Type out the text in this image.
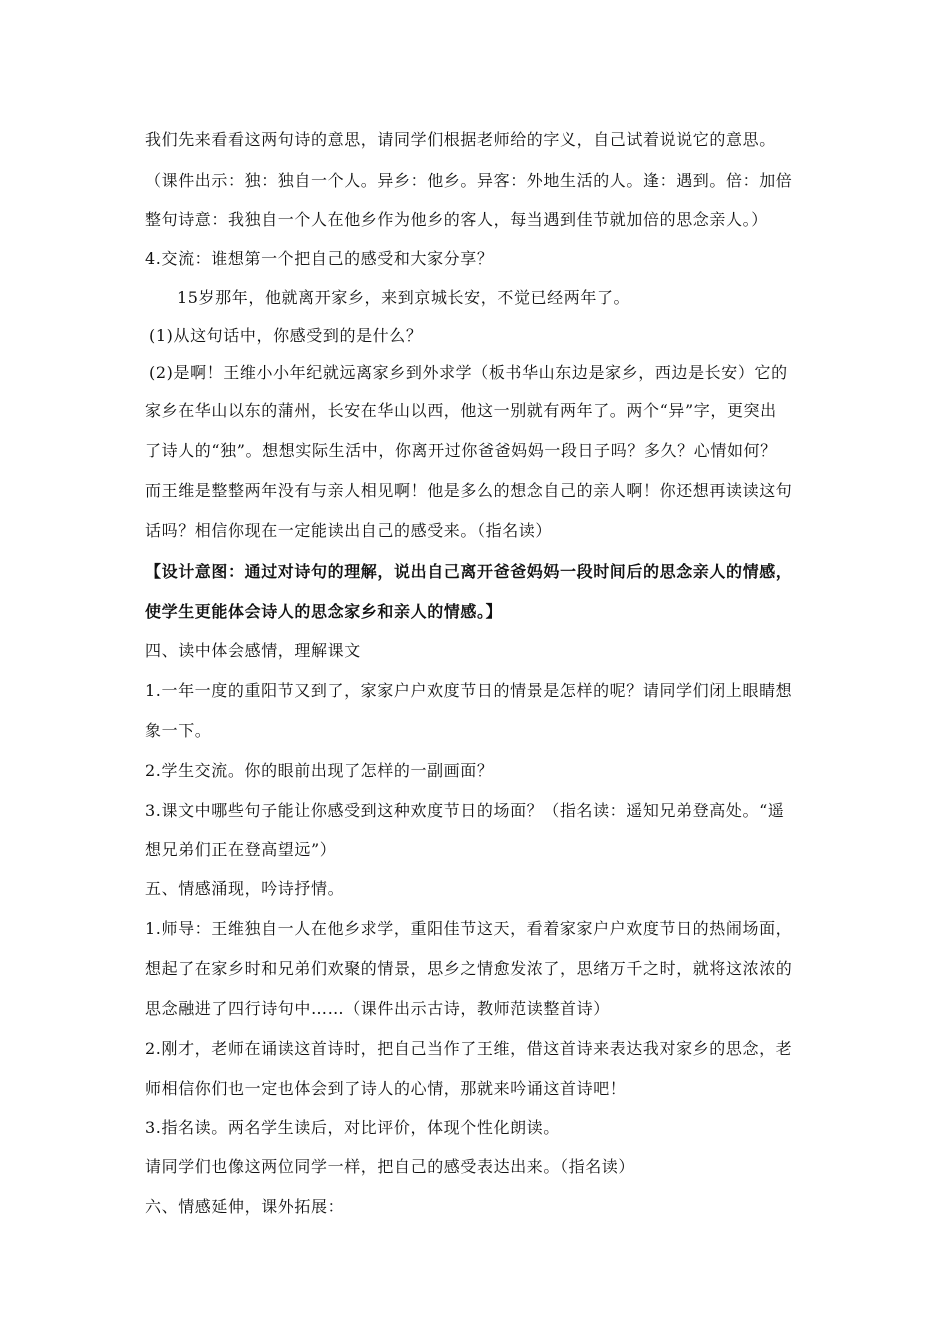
我们先来看看这两句诗的意思，请同学们根据老师给的字义，自己试着说说它的意思。
（课件出示：独：独自一个人。异乡：他乡。异客：外地生活的人。逢：遇到。倍：加倍
整句诗意：我独自一个人在他乡作为他乡的客人，每当遇到佳节就加倍的思念亲人。）
4.交流：谁想第一个把自己的感受和大家分享？
15岁那年，他就离开家乡，来到京城长安，不觉已经两年了。
(1)从这句话中，你感受到的是什么？
(2)是啊！王维小小年纪就远离家乡到外求学（板书华山东边是家乡，西边是长安）它的
家乡在华山以东的蒲州，长安在华山以西，他这一别就有两年了。两个“异”字，更突出
了诗人的“独”。想想实际生活中，你离开过你爸爸妈妈一段日子吗？多久？心情如何？
而王维是整整两年没有与亲人相见啊！他是多么的想念自己的亲人啊！你还想再读读这句
话吗？相信你现在一定能读出自己的感受来。（指名读）
【设计意图：通过对诗句的理解，说出自己离开爸爸妈妈一段时间后的思念亲人的情感，
使学生更能体会诗人的思念家乡和亲人的情感。】
四、读中体会感情，理解课文
1.一年一度的重阳节又到了，家家户户欢度节日的情景是怎样的呢？请同学们闭上眼睛想
象一下。
2.学生交流。你的眼前出现了怎样的一副画面？
3.课文中哪些句子能让你感受到这种欢度节日的场面？（指名读：遥知兄弟登高处。“遥
想兄弟们正在登高望远”）
五、情感涌现，吟诗抒情。
1.师导：王维独自一人在他乡求学，重阳佳节这天，看着家家户户欢度节日的热闹场面，
想起了在家乡时和兄弟们欢聚的情景，思乡之情愈发浓了，思绪万千之时，就将这浓浓的
思念融进了四行诗句中……（课件出示古诗，教师范读整首诗）
2.刚才，老师在诵读这首诗时，把自己当作了王维，借这首诗来表达我对家乡的思念，老
师相信你们也一定也体会到了诗人的心情，那就来吟诵这首诗吧！
3.指名读。两名学生读后，对比评价，体现个性化朗读。
请同学们也像这两位同学一样，把自己的感受表达出来。（指名读）
六、情感延伸，课外拓展：
